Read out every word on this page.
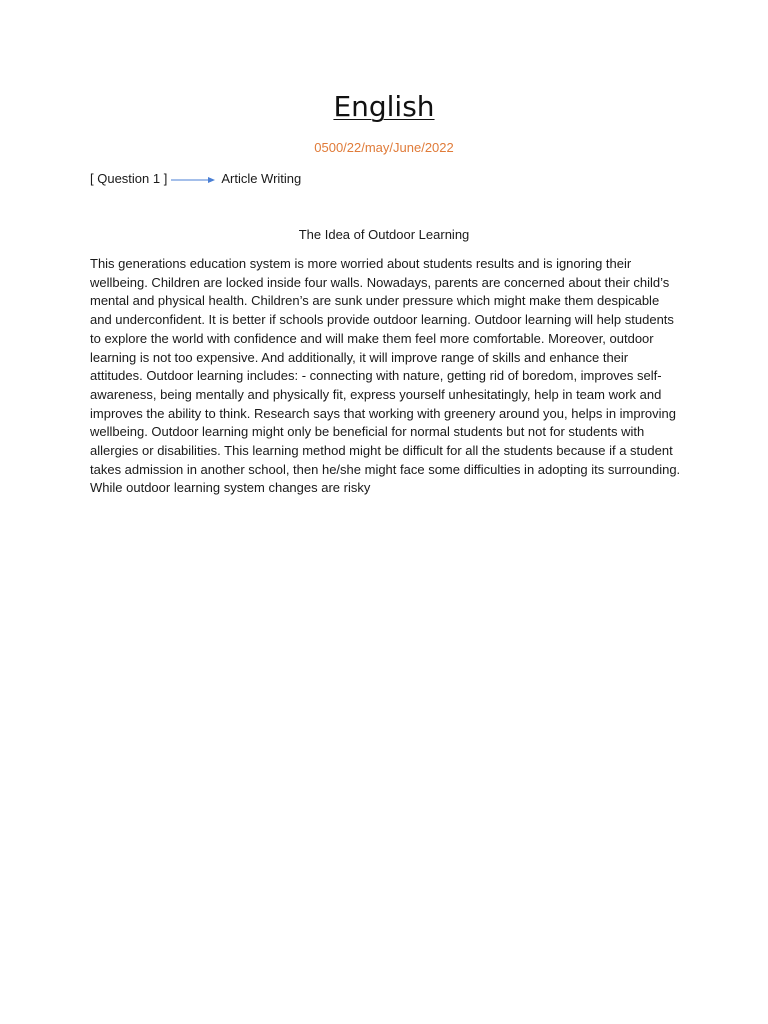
English
0500/22/may/June/2022
[ Question 1 ]	Article Writing
The Idea of Outdoor Learning

This generations education system is more worried about students results and is ignoring their wellbeing. Children are locked inside four walls. Nowadays, parents are concerned about their child’s mental and physical health. Children’s are sunk under pressure which might make them despicable and underconfident. It is better if schools provide outdoor learning. Outdoor learning will help students to explore the world with confidence and will make them feel more comfortable. Moreover, outdoor learning is not too expensive. And additionally, it will improve range of skills and enhance their attitudes. Outdoor learning includes: - connecting with nature, getting rid of boredom, improves self-awareness, being mentally and physically fit, express yourself unhesitatingly, help in team work and improves the ability to think. Research says that working with greenery around you, helps in improving wellbeing. Outdoor learning might only be beneficial for normal students but not for students with allergies or disabilities. This learning method might be difficult for all the students because if a student takes admission in another school, then he/she might face some difficulties in adopting its surrounding. While outdoor learning system changes are risky
